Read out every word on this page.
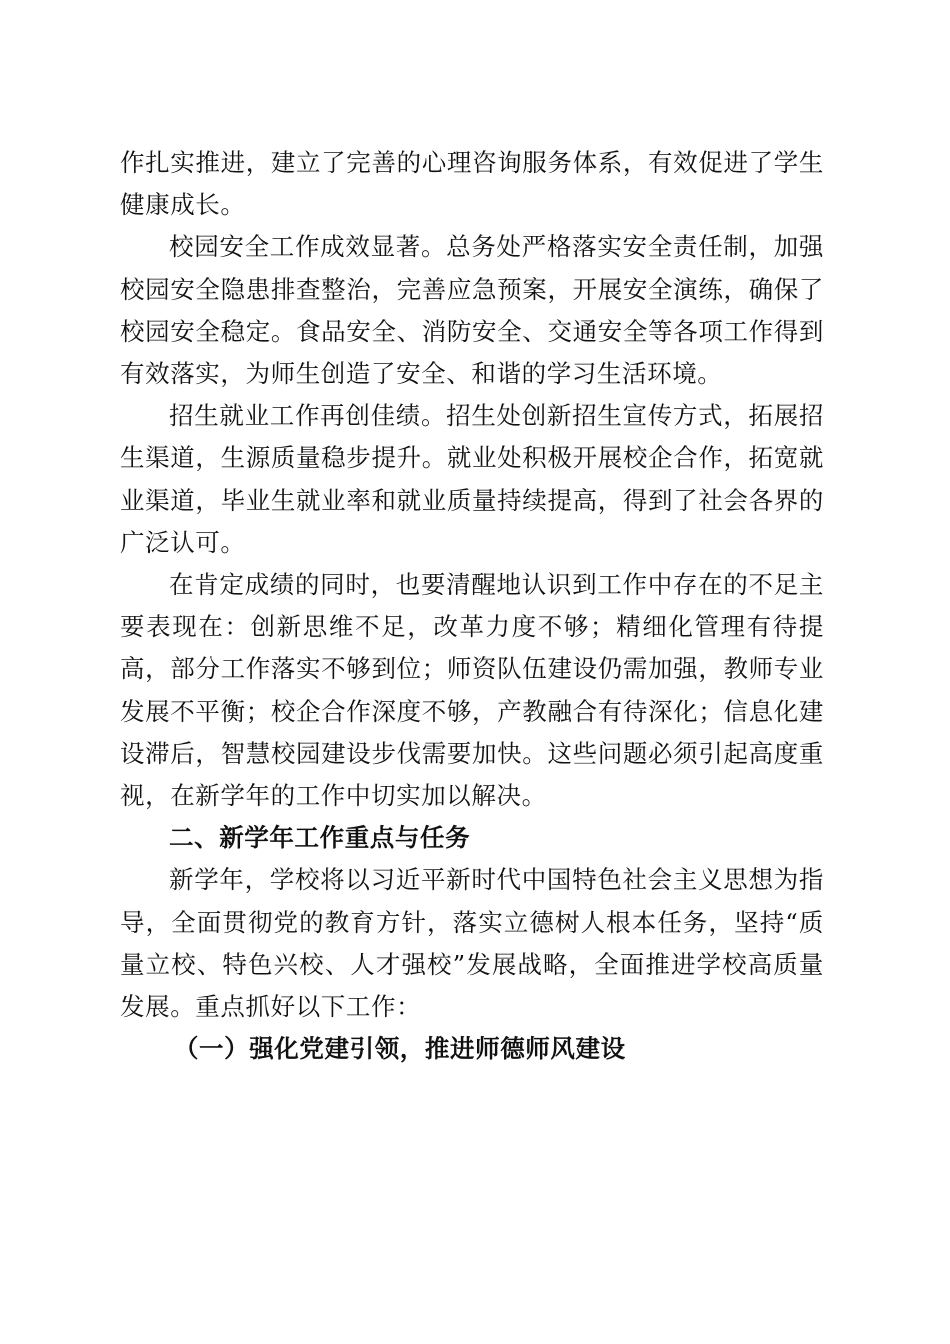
作扎实推进，建立了完善的心理咨询服务体系，有效促进了学生健康成长。

校园安全工作成效显著。总务处严格落实安全责任制，加强校园安全隐患排查整治，完善应急预案，开展安全演练，确保了校园安全稳定。食品安全、消防安全、交通安全等各项工作得到有效落实，为师生创造了安全、和谐的学习生活环境。

招生就业工作再创佳绩。招生处创新招生宣传方式，拓展招生渠道，生源质量稳步提升。就业处积极开展校企合作，拓宽就业渠道，毕业生就业率和就业质量持续提高，得到了社会各界的广泛认可。

在肯定成绩的同时，也要清醒地认识到工作中存在的不足主要表现在：创新思维不足，改革力度不够；精细化管理有待提高，部分工作落实不够到位；师资队伍建设仍需加强，教师专业发展不平衡；校企合作深度不够，产教融合有待深化；信息化建设滞后，智慧校园建设步伐需要加快。这些问题必须引起高度重视，在新学年的工作中切实加以解决。

二、新学年工作重点与任务

新学年，学校将以习近平新时代中国特色社会主义思想为指导，全面贯彻党的教育方针，落实立德树人根本任务，坚持“质量立校、特色兴校、人才强校”发展战略，全面推进学校高质量发展。重点抓好以下工作：

（一）强化党建引领，推进师德师风建设
